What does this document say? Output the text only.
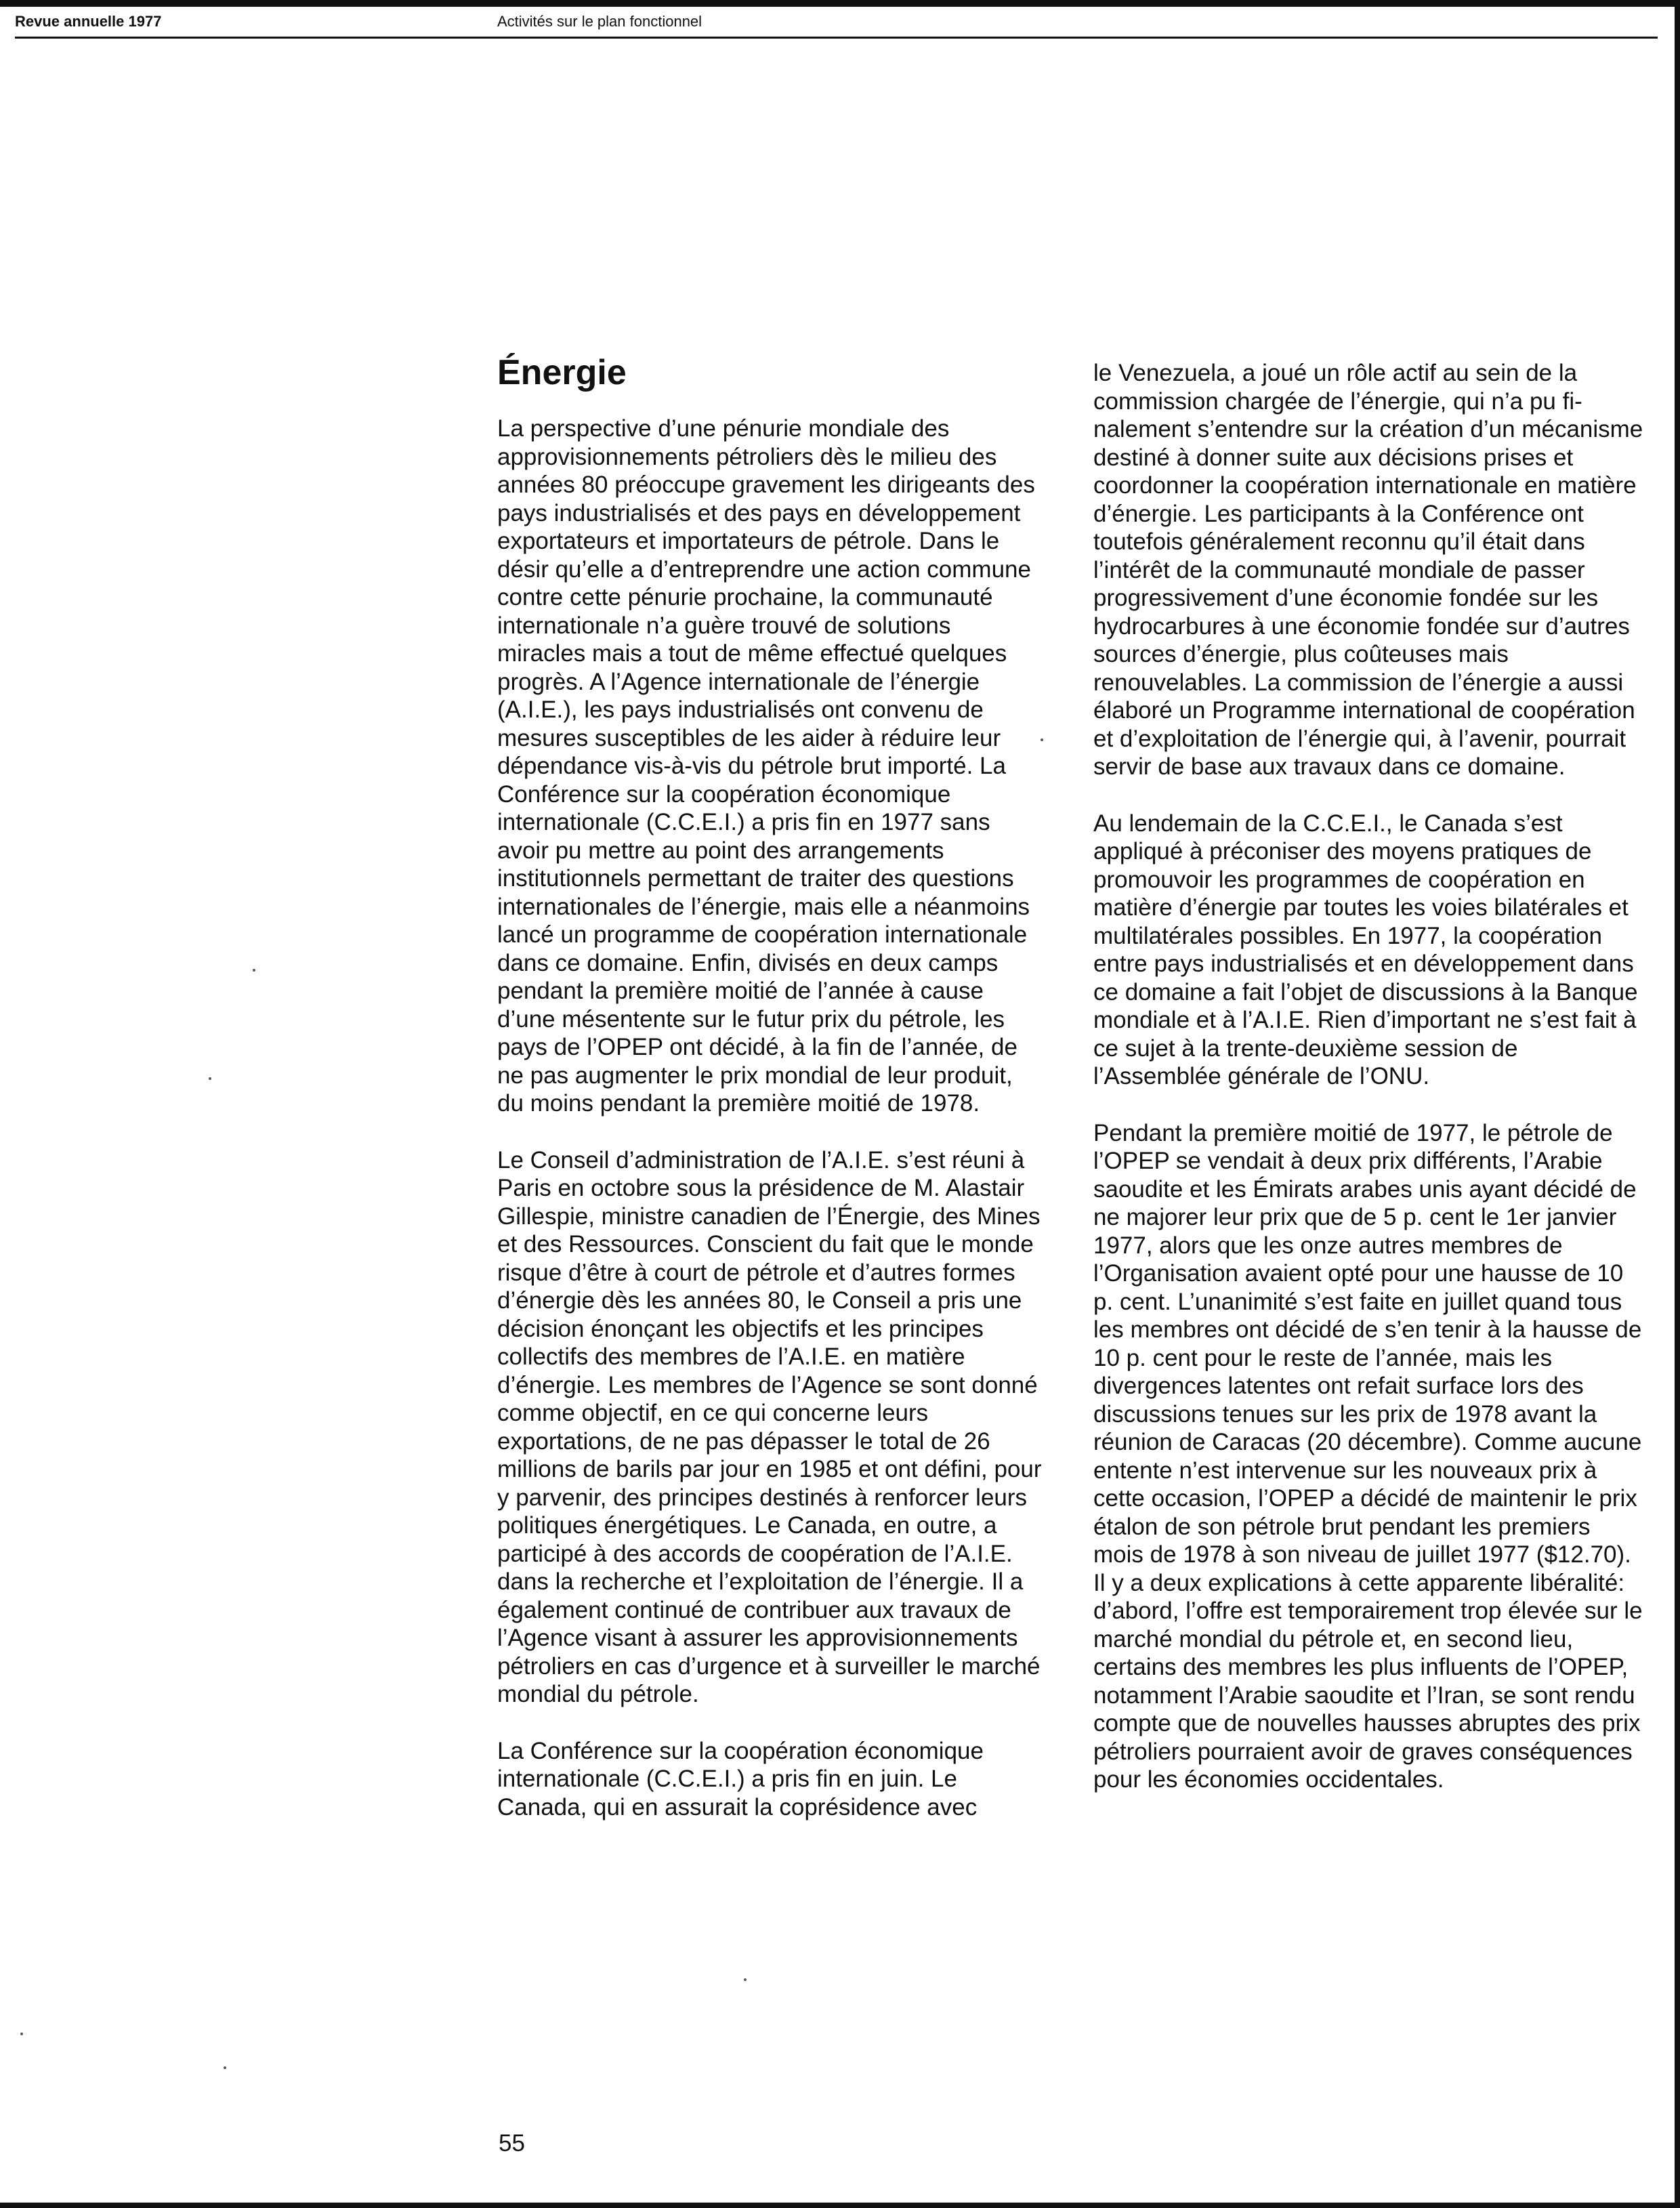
Revue annuelle 1977	Activités sur le plan fonctionnel
Énergie

La perspective d’une pénurie mondiale des approvisionnements pétroliers dès le milieu des années 80 préoccupe gravement les dirigeants des pays industrialisés et des pays en développement exportateurs et importateurs de pétrole. Dans le désir qu’elle a d’entreprendre une action commune contre cette pénurie prochaine, la communauté internationale n’a guère trouvé de solutions miracles mais a tout de même effectué quelques progrès. A l’Agence internationale de l’énergie (A.I.E.), les pays industrialisés ont convenu de mesures susceptibles de les aider à réduire leur dépendance vis-à-vis du pétrole brut importé. La Conférence sur la coopération économique internationale (C.C.E.I.) a pris fin en 1977 sans avoir pu mettre au point des arrangements institutionnels permettant de traiter des questions internationales de l’énergie, mais elle a néanmoins lancé un programme de coopération internationale dans ce domaine. Enfin, divisés en deux camps pendant la première moitié de l’année à cause d’une mésentente sur le futur prix du pétrole, les pays de l’OPEP ont décidé, à la fin de l’année, de ne pas augmenter le prix mondial de leur produit, du moins pendant la première moitié de 1978.

Le Conseil d’administration de l’A.I.E. s’est réuni à Paris en octobre sous la présidence de M. Alastair Gillespie, ministre canadien de l’Énergie, des Mines et des Ressources. Conscient du fait que le monde risque d’être à court de pétrole et d’autres formes d’énergie dès les années 80, le Conseil a pris une décision énonçant les objectifs et les principes collectifs des membres de l’A.I.E. en matière d’énergie. Les membres de l’Agence se sont donné comme objectif, en ce qui concerne leurs exportations, de ne pas dépasser le total de 26 millions de barils par jour en 1985 et ont défini, pour y parvenir, des principes destinés à renforcer leurs politiques énergétiques. Le Canada, en outre, a participé à des accords de coopération de l’A.I.E. dans la recherche et l’exploitation de l’énergie. Il a également continué de contribuer aux travaux de l’Agence visant à assurer les approvisionnements pétroliers en cas d’urgence et à surveiller le marché mondial du pétrole.

La Conférence sur la coopération économique internationale (C.C.E.I.) a pris fin en juin. Le Canada, qui en assurait la coprésidence avec

le Venezuela, a joué un rôle actif au sein de la commission chargée de l’énergie, qui n’a pu finalement s’entendre sur la création d’un mécanisme destiné à donner suite aux décisions prises et coordonner la coopération internationale en matière d’énergie. Les participants à la Conférence ont toutefois généralement reconnu qu’il était dans l’intérêt de la communauté mondiale de passer progressivement d’une économie fondée sur les hydrocarbures à une économie fondée sur d’autres sources d’énergie, plus coûteuses mais renouvelables. La commission de l’énergie a aussi élaboré un Programme international de coopération et d’exploitation de l’énergie qui, à l’avenir, pourrait servir de base aux travaux dans ce domaine.

Au lendemain de la C.C.E.I., le Canada s’est appliqué à préconiser des moyens pratiques de promouvoir les programmes de coopération en matière d’énergie par toutes les voies bilatérales et multilatérales possibles. En 1977, la coopération entre pays industrialisés et en développement dans ce domaine a fait l’objet de discussions à la Banque mondiale et à l’A.I.E. Rien d’important ne s’est fait à ce sujet à la trente-deuxième session de l’Assemblée générale de l’ONU.

Pendant la première moitié de 1977, le pétrole de l’OPEP se vendait à deux prix différents, l’Arabie saoudite et les Émirats arabes unis ayant décidé de ne majorer leur prix que de 5 p. cent le 1er janvier 1977, alors que les onze autres membres de l’Organisation avaient opté pour une hausse de 10 p. cent. L’unanimité s’est faite en juillet quand tous les membres ont décidé de s’en tenir à la hausse de 10 p. cent pour le reste de l’année, mais les divergences latentes ont refait surface lors des discussions tenues sur les prix de 1978 avant la réunion de Caracas (20 décembre). Comme aucune entente n’est intervenue sur les nouveaux prix à cette occasion, l’OPEP a décidé de maintenir le prix étalon de son pétrole brut pendant les premiers mois de 1978 à son niveau de juillet 1977 ($12.70). Il y a deux explications à cette apparente libéralité: d’abord, l’offre est temporairement trop élevée sur le marché mondial du pétrole et, en second lieu, certains des membres les plus influents de l’OPEP, notamment l’Arabie saoudite et l’Iran, se sont rendu compte que de nouvelles hausses abruptes des prix pétroliers pourraient avoir de graves conséquences pour les économies occidentales.

55
